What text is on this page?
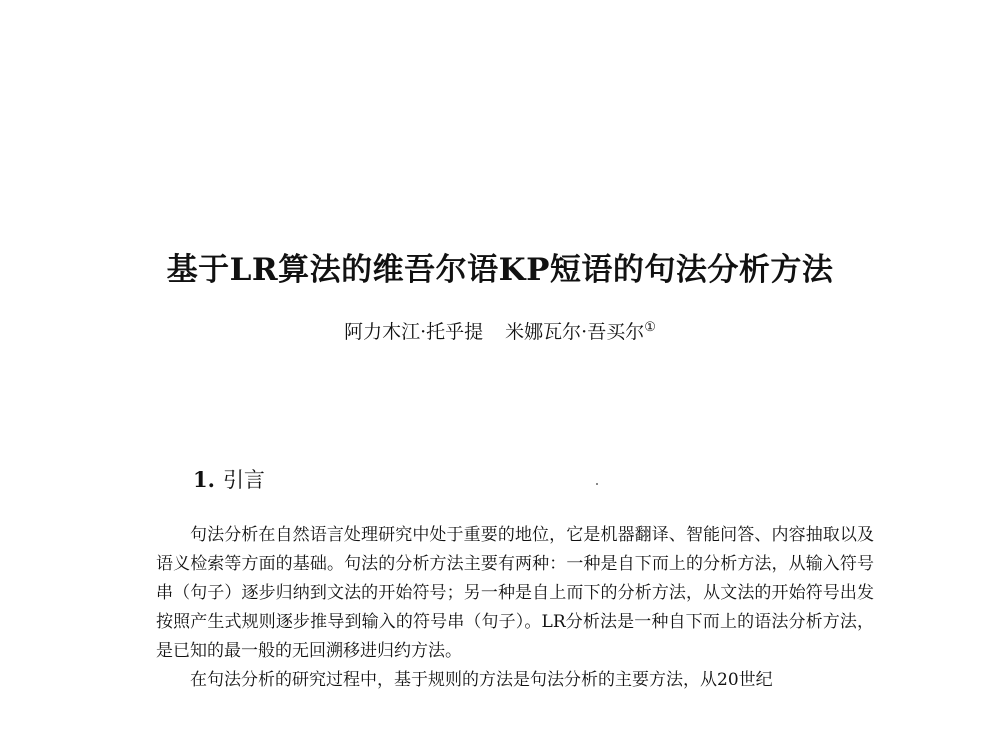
基于LR算法的维吾尔语KP短语的句法分析方法
阿力木江·托乎提 米娜瓦尔·吾买尔①
1. 引言

句法分析在自然语言处理研究中处于重要的地位，它是机器翻译、智能问答、内容抽取以及语义检索等方面的基础。句法的分析方法主要有两种：一种是自下而上的分析方法，从输入符号串（句子）逐步归纳到文法的开始符号；另一种是自上而下的分析方法，从文法的开始符号出发按照产生式规则逐步推导到输入的符号串（句子）。LR分析法是一种自下而上的语法分析方法，是已知的最一般的无回溯移进归约方法。

在句法分析的研究过程中，基于规则的方法是句法分析的主要方法，从20世纪
